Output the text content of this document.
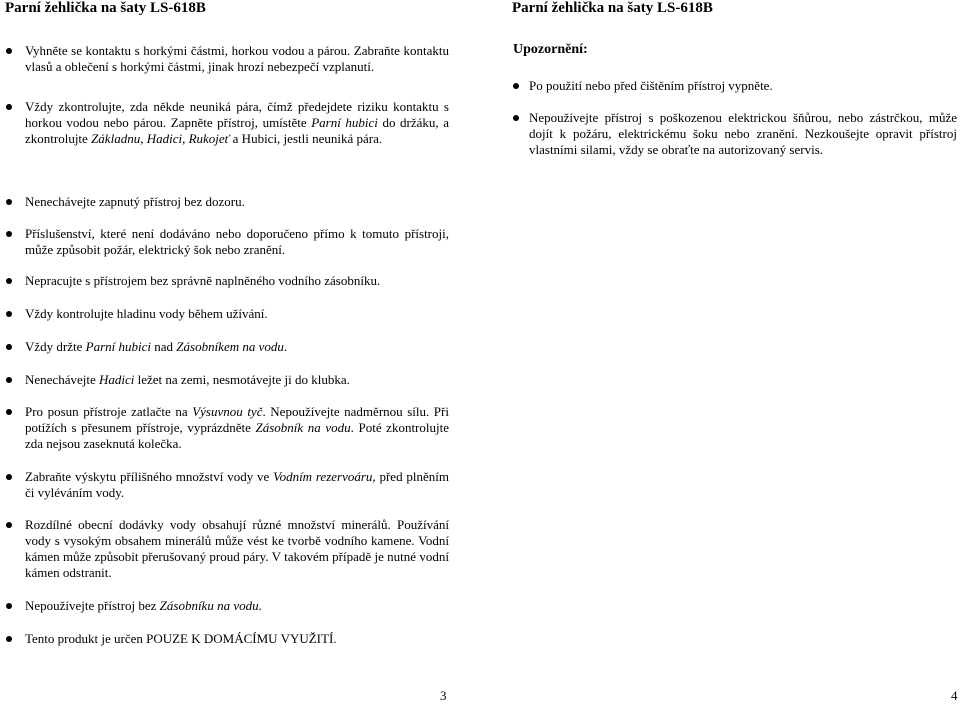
Parní žehlička na šaty LS-618B	Parní žehlička na šaty LS-618B
Vyhněte se kontaktu s horkými částmi, horkou vodou a párou. Zabraňte kontaktu vlasů a oblečení s horkými částmi, jinak hrozí nebezpečí vzplanutí.
Vždy zkontrolujte, zda někde neuniká pára, čímž předejdete riziku kontaktu s horkou vodou nebo párou. Zapněte přístroj, umístěte Parní hubici do držáku, a zkontrolujte Základnu, Hadici, Rukojeť a Hubici, jestli neuniká pára.
Nenechávejte zapnutý přístroj bez dozoru.
Příslušenství, které není dodáváno nebo doporučeno přímo k tomuto přístroji, může způsobit požár, elektrický šok nebo zranění.
Nepracujte s přístrojem bez správně naplněného vodního zásobníku.
Vždy kontrolujte hladinu vody během užívání.
Vždy držte Parní hubici nad Zásobníkem na vodu.
Nenechávejte Hadici ležet na zemi, nesmotávejte ji do klubka.
Pro posun přístroje zatlačte na Výsuvnou tyč. Nepoužívejte nadměrnou sílu. Při potížích s přesunem přístroje, vyprázdněte Zásobník na vodu. Poté zkontrolujte zda nejsou zaseknutá kolečka.
Zabraňte výskytu přílišného množství vody ve Vodním rezervoáru, před plněním či vyléváním vody.
Rozdílné obecní dodávky vody obsahují různé množství minerálů. Používání vody s vysokým obsahem minerálů může vést ke tvorbě vodního kamene. Vodní kámen může způsobit přerušovaný proud páry. V takovém případě je nutné vodní kámen odstranit.
Nepoužívejte přístroj bez Zásobníku na vodu.
Tento produkt je určen POUZE K DOMÁCÍMU VYUŽITÍ.
Upozornění:
Po použití nebo před čištěním přístroj vypněte.
Nepoužívejte přístroj s poškozenou elektrickou šňůrou, nebo zástrčkou, může dojít k požáru, elektrickému šoku nebo zranění. Nezkoušejte opravit přístroj vlastními silami, vždy se obraťte na autorizovaný servis.
3	4
